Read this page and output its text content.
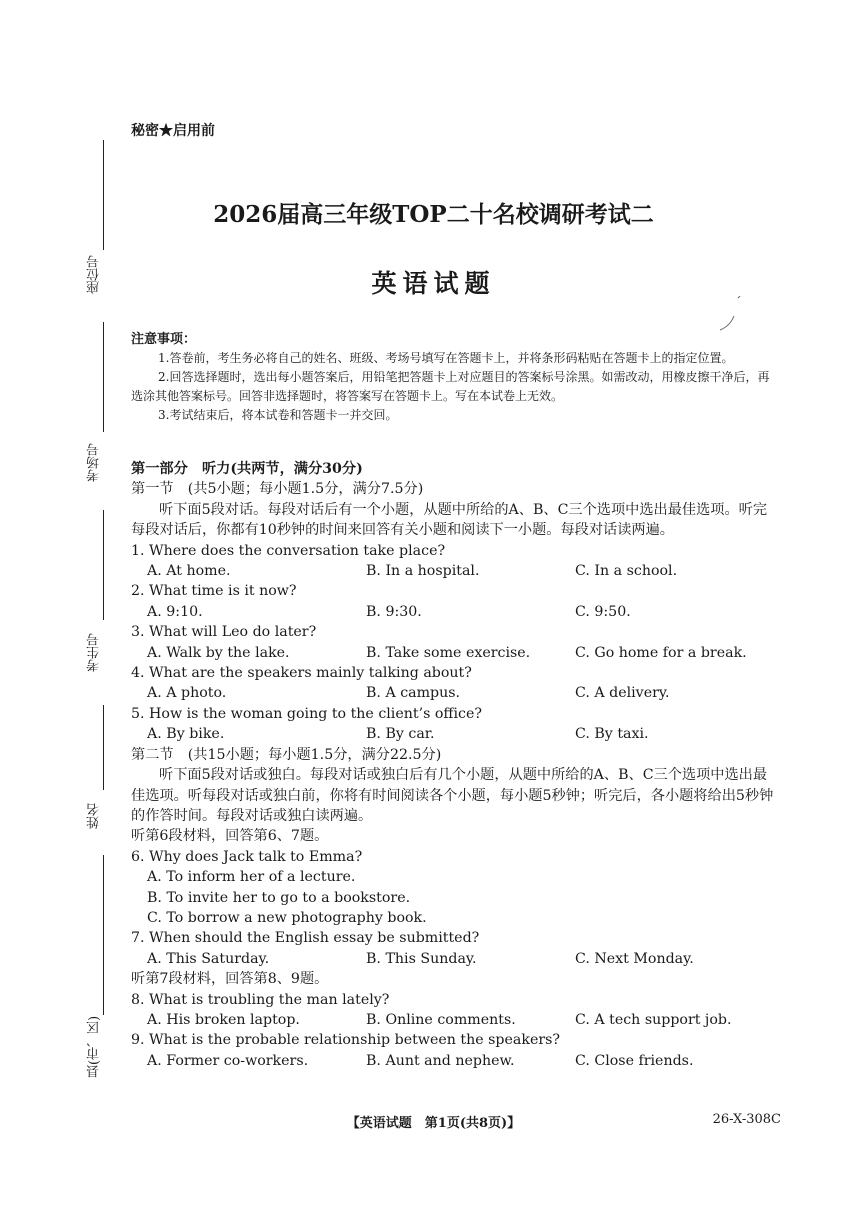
座位号
考场号
考生号
姓名
县(市、区)
秘密★启用前
2026届高三年级TOP二十名校调研考试二
英语试题
注意事项：
1.答卷前，考生务必将自己的姓名、班级、考场号填写在答题卡上，并将条形码粘贴在答题卡上的指定位置。
2.回答选择题时，选出每小题答案后，用铅笔把答题卡上对应题目的答案标号涂黑。如需改动，用橡皮擦干净后，再选涂其他答案标号。回答非选择题时，将答案写在答题卡上。写在本试卷上无效。
3.考试结束后，将本试卷和答题卡一并交回。
第一部分　听力(共两节，满分30分)
第一节　(共5小题；每小题1.5分，满分7.5分)
听下面5段对话。每段对话后有一个小题，从题中所给的A、B、C三个选项中选出最佳选项。听完每段对话后，你都有10秒钟的时间来回答有关小题和阅读下一小题。每段对话读两遍。
1. Where does the conversation take place?
A. At home.	B. In a hospital.	C. In a school.
2. What time is it now?
A. 9:10.	B. 9:30.	C. 9:50.
3. What will Leo do later?
A. Walk by the lake.	B. Take some exercise.	C. Go home for a break.
4. What are the speakers mainly talking about?
A. A photo.	B. A campus.	C. A delivery.
5. How is the woman going to the client’s office?
A. By bike.	B. By car.	C. By taxi.
第二节　(共15小题；每小题1.5分，满分22.5分)
听下面5段对话或独白。每段对话或独白后有几个小题，从题中所给的A、B、C三个选项中选出最佳选项。听每段对话或独白前，你将有时间阅读各个小题，每小题5秒钟；听完后，各小题将给出5秒钟的作答时间。每段对话或独白读两遍。
听第6段材料，回答第6、7题。
6. Why does Jack talk to Emma?
A. To inform her of a lecture.
B. To invite her to go to a bookstore.
C. To borrow a new photography book.
7. When should the English essay be submitted?
A. This Saturday.	B. This Sunday.	C. Next Monday.
听第7段材料，回答第8、9题。
8. What is troubling the man lately?
A. His broken laptop.	B. Online comments.	C. A tech support job.
9. What is the probable relationship between the speakers?
A. Former co-workers.	B. Aunt and nephew.	C. Close friends.
【英语试题　第1页(共8页)】	26-X-308C
